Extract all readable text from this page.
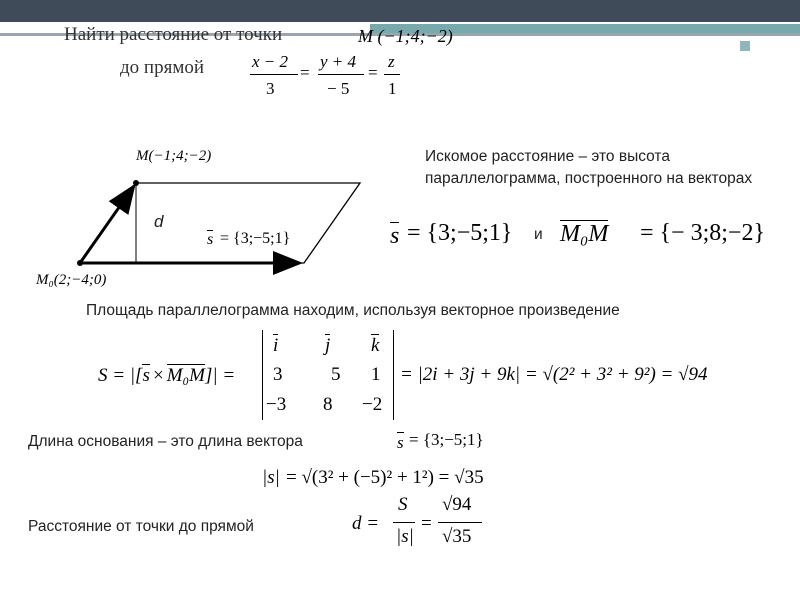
Найти расстояние от точки	M (−1;4;−2)
до прямой	x − 2
3
=
y + 4
− 5
=
z
1
M(−1;4;−2)
M₀(2;−4;0)
d
s = {3;−5;1}
Искомое расстояние – это высота параллелограмма, построенного на векторах
s = {3;−5;1} и M₀M = {− 3;8;−2}
Площадь параллелограмма находим, используя векторное произведение
S = |[s × M₀M]| =
i j k
3	5 1
−3 8 −2
= |2i + 3j + 9k| = √(2² + 3² + 9²) = √94
Длина основания – это длина вектора	s = {3;−5;1}
|s| = √(3² + (−5)² + 1²) = √35
Расстояние от точки до прямой	d =
S
|s|
=
√94
√35
